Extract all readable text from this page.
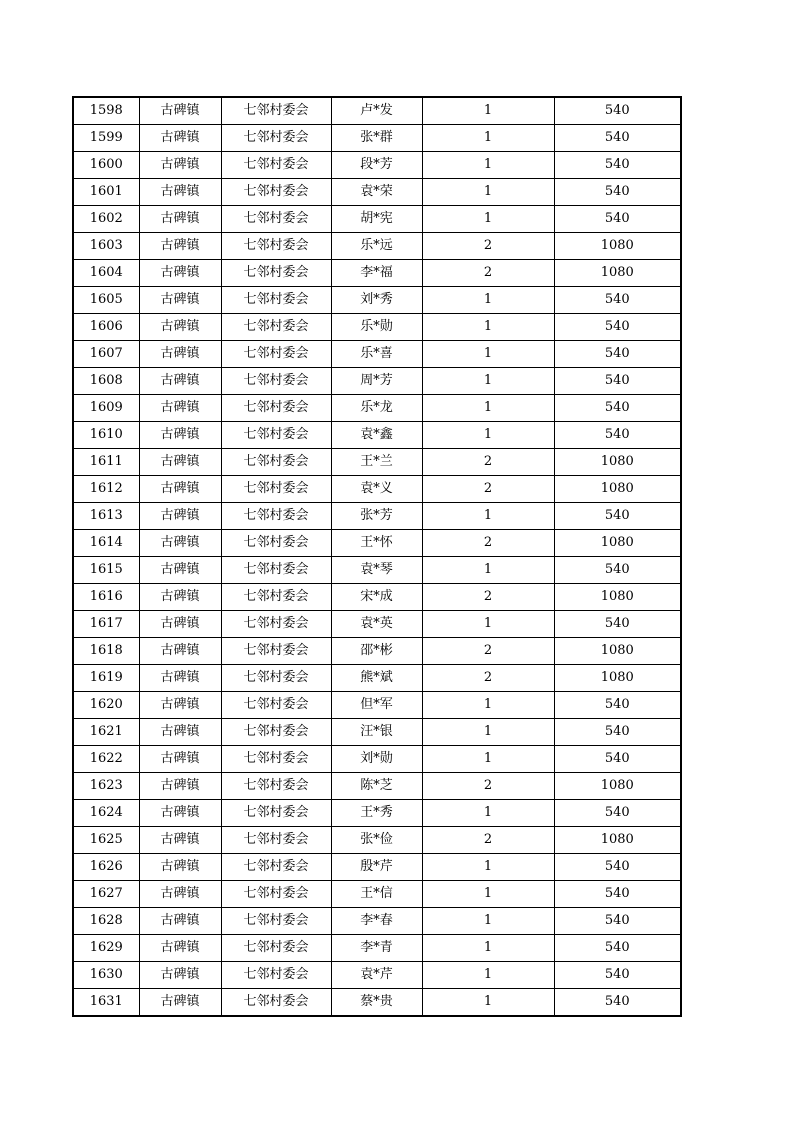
1598	古碑镇	七邻村委会	卢*发	1	540
1599	古碑镇	七邻村委会	张*群	1	540
1600	古碑镇	七邻村委会	段*芳	1	540
1601	古碑镇	七邻村委会	袁*荣	1	540
1602	古碑镇	七邻村委会	胡*宪	1	540
1603	古碑镇	七邻村委会	乐*远	2	1080
1604	古碑镇	七邻村委会	李*福	2	1080
1605	古碑镇	七邻村委会	刘*秀	1	540
1606	古碑镇	七邻村委会	乐*勋	1	540
1607	古碑镇	七邻村委会	乐*喜	1	540
1608	古碑镇	七邻村委会	周*芳	1	540
1609	古碑镇	七邻村委会	乐*龙	1	540
1610	古碑镇	七邻村委会	袁*鑫	1	540
1611	古碑镇	七邻村委会	王*兰	2	1080
1612	古碑镇	七邻村委会	袁*义	2	1080
1613	古碑镇	七邻村委会	张*芳	1	540
1614	古碑镇	七邻村委会	王*怀	2	1080
1615	古碑镇	七邻村委会	袁*琴	1	540
1616	古碑镇	七邻村委会	宋*成	2	1080
1617	古碑镇	七邻村委会	袁*英	1	540
1618	古碑镇	七邻村委会	邵*彬	2	1080
1619	古碑镇	七邻村委会	熊*斌	2	1080
1620	古碑镇	七邻村委会	但*军	1	540
1621	古碑镇	七邻村委会	汪*银	1	540
1622	古碑镇	七邻村委会	刘*勋	1	540
1623	古碑镇	七邻村委会	陈*芝	2	1080
1624	古碑镇	七邻村委会	王*秀	1	540
1625	古碑镇	七邻村委会	张*俭	2	1080
1626	古碑镇	七邻村委会	殷*芹	1	540
1627	古碑镇	七邻村委会	王*信	1	540
1628	古碑镇	七邻村委会	李*春	1	540
1629	古碑镇	七邻村委会	李*青	1	540
1630	古碑镇	七邻村委会	袁*芹	1	540
1631	古碑镇	七邻村委会	蔡*贵	1	540
